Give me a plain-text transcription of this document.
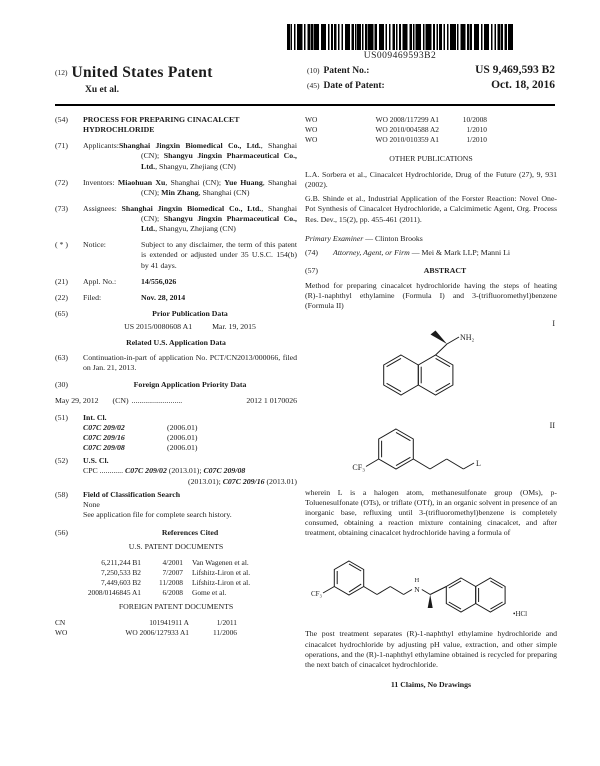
US009469593B2
(12) United States Patent
Xu et al.
(10) Patent No.:	US 9,469,593 B2
(45) Date of Patent:	Oct. 18, 2016
(54)	PROCESS FOR PREPARING CINACALCET HYDROCHLORIDE
(71)	Applicants:Shanghai Jingxin Biomedical Co., Ltd., Shanghai (CN); Shangyu Jingxin Pharmaceutical Co., Ltd., Shangyu, Zhejiang (CN)
(72)	Inventors: Miaohuan Xu, Shanghai (CN); Yue Huang, Shanghai (CN); Min Zhang, Shanghai (CN)
(73)	Assignees: Shanghai Jingxin Biomedical Co., Ltd., Shanghai (CN); Shangyu Jingxin Pharmaceutical Co., Ltd., Shangyu, Zhejiang (CN)
( * )	Notice:	Subject to any disclaimer, the term of this patent is extended or adjusted under 35 U.S.C. 154(b) by 41 days.
(21)	Appl. No.:	14/556,026
(22)	Filed:	Nov. 28, 2014
(65)	Prior Publication Data
US 2015/0080608 A1	Mar. 19, 2015
Related U.S. Application Data
(63)	Continuation-in-part of application No. PCT/CN2013/000066, filed on Jan. 21, 2013.
(30)	Foreign Application Priority Data
May 29, 2012 (CN) ..........................	2012 1 0170026
(51)	Int. Cl.
C07C 209/02	(2006.01)
C07C 209/16	(2006.01)
C07C 209/08	(2006.01)
(52)	U.S. Cl.
CPC ............ C07C 209/02 (2013.01); C07C 209/08
(2013.01); C07C 209/16 (2013.01)
(58)	Field of Classification Search
None
See application file for complete search history.
(56)	References Cited
U.S. PATENT DOCUMENTS
6,211,244 B1	4/2001 Van Wagenen et al.
7,250,533 B2	7/2007 Lifshitz-Liron et al.
7,449,603 B2	11/2008 Lifshitz-Liron et al.
2008/0146845 A1	6/2008 Gome et al.
FOREIGN PATENT DOCUMENTS
CN	101941911 A	1/2011
WO	WO 2006/127933 A1	11/2006
WO	WO 2008/117299 A1	10/2008
WO	WO 2010/004588 A2	1/2010
WO	WO 2010/010359 A1	1/2010
OTHER PUBLICATIONS
L.A. Sorbera et al., Cinacalcet Hydrochloride, Drug of the Future (27), 9, 931 (2002).
G.B. Shinde et al., Industrial Application of the Forster Reaction: Novel One-Pot Synthesis of Cinacalcet Hydrochloride, a Calcimimetic Agent, Org. Process Res. Dev., 15(2), pp. 455-461 (2011).
Primary Examiner — Clinton Brooks
(74)	Attorney, Agent, or Firm — Mei & Mark LLP; Manni Li
(57)	ABSTRACT
Method for preparing cinacalcet hydrochloride having the steps of heating (R)-1-naphthyl ethylamine (Formula I) and 3-(trifluoromethyl)benzene (Formula II)
NH₂
I
CF₃	L
II
wherein L is a halogen atom, methanesulfonate group (OMs), p-Toluenesulfonate (OTs), or triflate (OTf), in an organic solvent in presence of an inorganic base, refluxing until 3-(trifluoromethyl)benzene is completely consumed, obtaining a reaction mixture containing cinacalcet, and after treatment, obtaining cinacalcet hydrochloride having a formula of
CF₃	N
H
•HCl
The post treatment separates (R)-1-naphthyl ethylamine hydrochloride and cinacalcet hydrochloride by adjusting pH value, extraction, and other simple operations, and the (R)-1-naphthyl ethylamine obtained is recycled for preparing the next batch of cinacalcet hydrochloride.
11 Claims, No Drawings
